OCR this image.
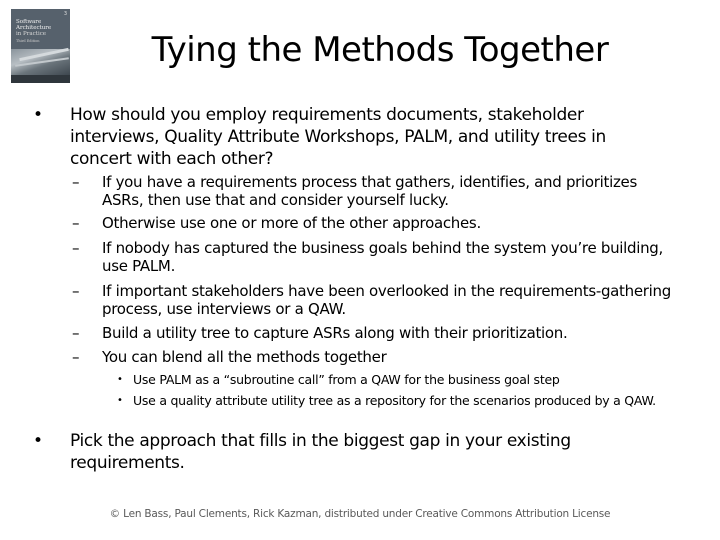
3
Software
Architecture
in Practice
Third Edition	Tying the Methods Together
• How should you employ requirements documents, stakeholder interviews, Quality Attribute Workshops, PALM, and utility trees in concert with each other?
– If you have a requirements process that gathers, identifies, and prioritizes ASRs, then use that and consider yourself lucky.
– Otherwise use one or more of the other approaches.
– If nobody has captured the business goals behind the system you’re building, use PALM.
– If important stakeholders have been overlooked in the requirements-gathering process, use interviews or a QAW.
– Build a utility tree to capture ASRs along with their prioritization.
– You can blend all the methods together
• Use PALM as a “subroutine call” from a QAW for the business goal step
• Use a quality attribute utility tree as a repository for the scenarios produced by a QAW.
• Pick the approach that fills in the biggest gap in your existing requirements.
© Len Bass, Paul Clements, Rick Kazman, distributed under Creative Commons Attribution License
